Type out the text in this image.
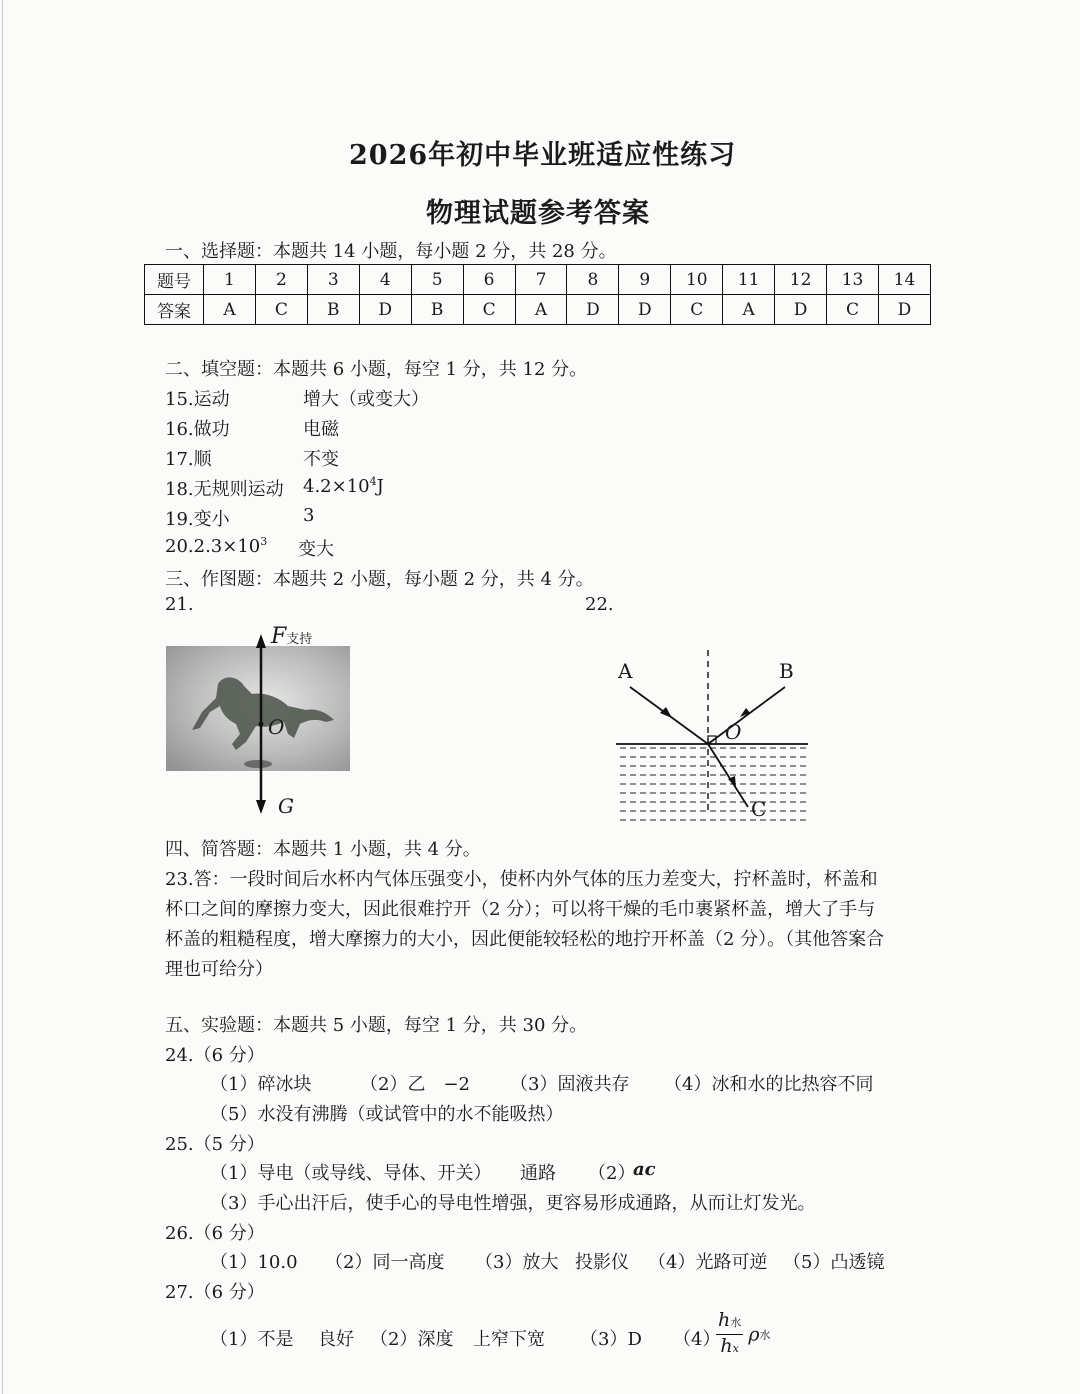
2026年初中毕业班适应性练习
物理试题参考答案
一、选择题：本题共 14 小题，每小题 2 分，共 28 分。
题号	1	2	3	4	5	6	7	8	9	10	11	12	13	14
答案	A	C	B	D	B	C	A	D	D	C	A	D	C	D
二、填空题：本题共 6 小题，每空 1 分，共 12 分。
15.运动	增大（或变大）
16.做功	电磁
17.顺	不变
18.无规则运动 $4.2\times 10^4J$
19.变小	3
$20.2.3\times 10^3$ 变大
三、作图题：本题共 2 小题，每小题 2 分，共 4 分。
21.	22.
F支持
O
G
A	B
O
C
四、简答题：本题共 1 小题，共 4 分。
23.答：一段时间后水杯内气体压强变小，使杯内外气体的压力差变大，拧杯盖时，杯盖和
杯口之间的摩擦力变大，因此很难拧开（2 分）；可以将干燥的毛巾裹紧杯盖，增大了手与
杯盖的粗糙程度，增大摩擦力的大小，因此便能较轻松的地拧开杯盖（2 分）。（其他答案合
理也可给分）
五、实验题：本题共 5 小题，每空 1 分，共 30 分。
24.（6 分）
（1）碎冰块	（2）乙　−2 （3）固液共存 （4）冰和水的比热容不同
（5）水没有沸腾（或试管中的水不能吸热）
25.（5 分）
（1）导电（或导线、导体、开关） 通路 （2）
ac
（3）手心出汗后，使手心的导电性增强，更容易形成通路，从而让灯发光。
26.（6 分）
（1）10.0 （2）同一高度 （3）放大 投影仪 （4）光路可逆 （5）凸透镜
27.（6 分）
（1）不是 良好 （2）深度 上窄下宽 （3）D （4）
$\frac{\text{h水}}{hx}$ ρ水
